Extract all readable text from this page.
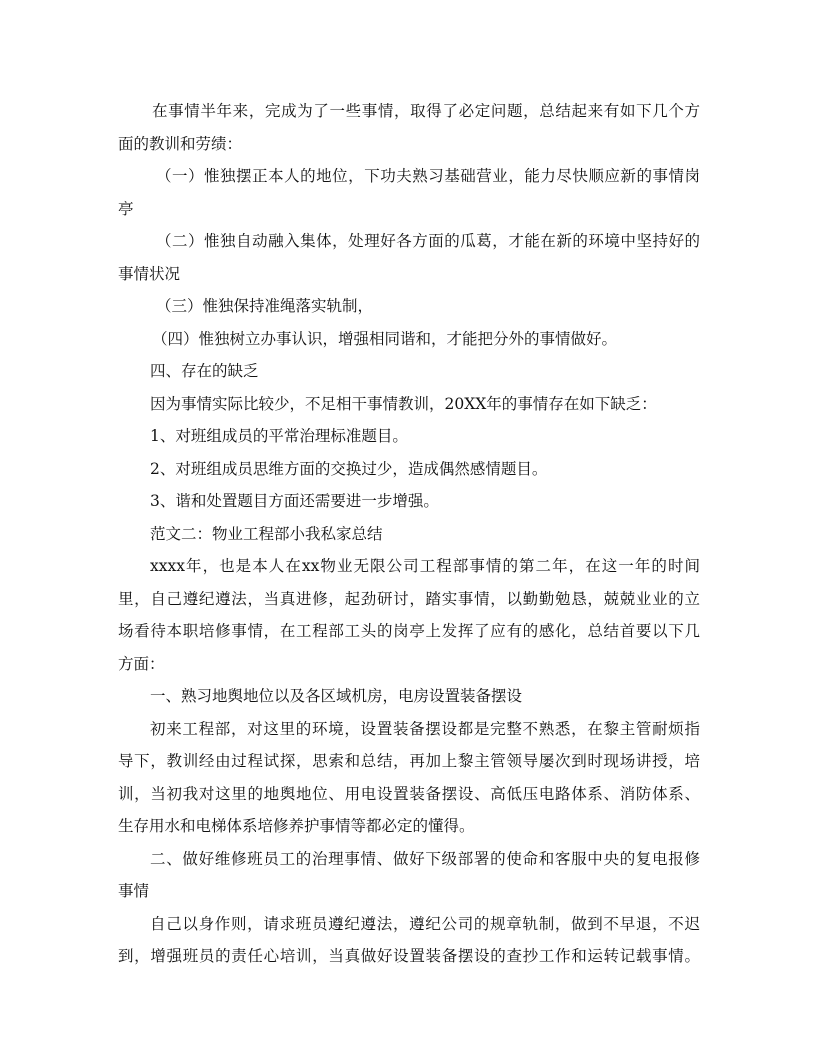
在事情半年来，完成为了一些事情，取得了必定问题，总结起来有如下几个方
面的教训和劳绩：
（一）惟独摆正本人的地位，下功夫熟习基础营业，能力尽快顺应新的事情岗
亭
（二）惟独自动融入集体，处理好各方面的瓜葛，才能在新的环境中坚持好的
事情状况
（三）惟独保持准绳落实轨制，
（四）惟独树立办事认识，增强相同谐和，才能把分外的事情做好。
四、存在的缺乏
因为事情实际比较少，不足相干事情教训，20XX年的事情存在如下缺乏：
1、对班组成员的平常治理标准题目。
2、对班组成员思维方面的交换过少，造成偶然感情题目。
3、谐和处置题目方面还需要进一步增强。
范文二：物业工程部小我私家总结
xxxx年，也是本人在xx物业无限公司工程部事情的第二年，在这一年的时间
里，自己遵纪遵法，当真进修，起劲研讨，踏实事情，以勤勤勉恳，兢兢业业的立
场看待本职培修事情，在工程部工头的岗亭上发挥了应有的感化，总结首要以下几
方面：
一、熟习地舆地位以及各区域机房，电房设置装备摆设
初来工程部，对这里的环境，设置装备摆设都是完整不熟悉，在黎主管耐烦指
导下，教训经由过程试探，思索和总结，再加上黎主管领导屡次到时现场讲授，培
训，当初我对这里的地舆地位、用电设置装备摆设、高低压电路体系、消防体系、
生存用水和电梯体系培修养护事情等都必定的懂得。
二、做好维修班员工的治理事情、做好下级部署的使命和客服中央的复电报修
事情
自己以身作则，请求班员遵纪遵法，遵纪公司的规章轨制，做到不早退，不迟
到，增强班员的责任心培训，当真做好设置装备摆设的查抄工作和运转记载事情。
